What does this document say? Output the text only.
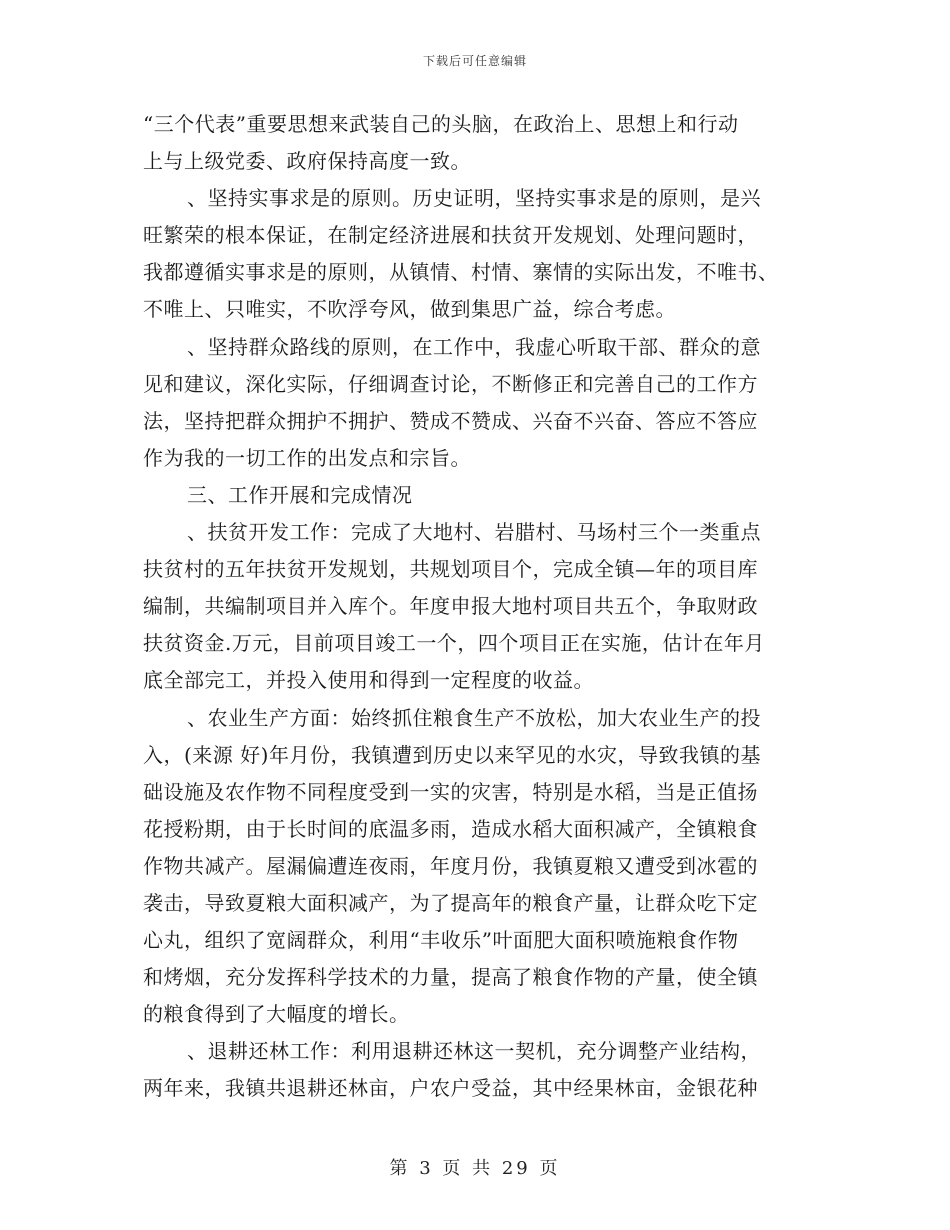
下载后可任意编辑
“三个代表”重要思想来武装自己的头脑，在政治上、思想上和行动
上与上级党委、政府保持高度一致。
、坚持实事求是的原则。历史证明，坚持实事求是的原则，是兴
旺繁荣的根本保证，在制定经济进展和扶贫开发规划、处理问题时，
我都遵循实事求是的原则，从镇情、村情、寨情的实际出发，不唯书、
不唯上、只唯实，不吹浮夸风，做到集思广益，综合考虑。
、坚持群众路线的原则，在工作中，我虚心听取干部、群众的意
见和建议，深化实际，仔细调查讨论，不断修正和完善自己的工作方
法，坚持把群众拥护不拥护、赞成不赞成、兴奋不兴奋、答应不答应
作为我的一切工作的出发点和宗旨。
三、工作开展和完成情况
、扶贫开发工作：完成了大地村、岩腊村、马场村三个一类重点
扶贫村的五年扶贫开发规划，共规划项目个，完成全镇—年的项目库
编制，共编制项目并入库个。年度申报大地村项目共五个，争取财政
扶贫资金.万元，目前项目竣工一个，四个项目正在实施，估计在年月
底全部完工，并投入使用和得到一定程度的收益。
、农业生产方面：始终抓住粮食生产不放松，加大农业生产的投
入，(来源 好)年月份，我镇遭到历史以来罕见的水灾，导致我镇的基
础设施及农作物不同程度受到一实的灾害，特别是水稻，当是正值扬
花授粉期，由于长时间的底温多雨，造成水稻大面积减产，全镇粮食
作物共减产。屋漏偏遭连夜雨，年度月份，我镇夏粮又遭受到冰雹的
袭击，导致夏粮大面积减产，为了提高年的粮食产量，让群众吃下定
心丸，组织了宽阔群众，利用“丰收乐”叶面肥大面积喷施粮食作物
和烤烟，充分发挥科学技术的力量，提高了粮食作物的产量，使全镇
的粮食得到了大幅度的增长。
、退耕还林工作：利用退耕还林这一契机，充分调整产业结构，
两年来，我镇共退耕还林亩，户农户受益，其中经果林亩，金银花种
第 3 页 共 29 页
